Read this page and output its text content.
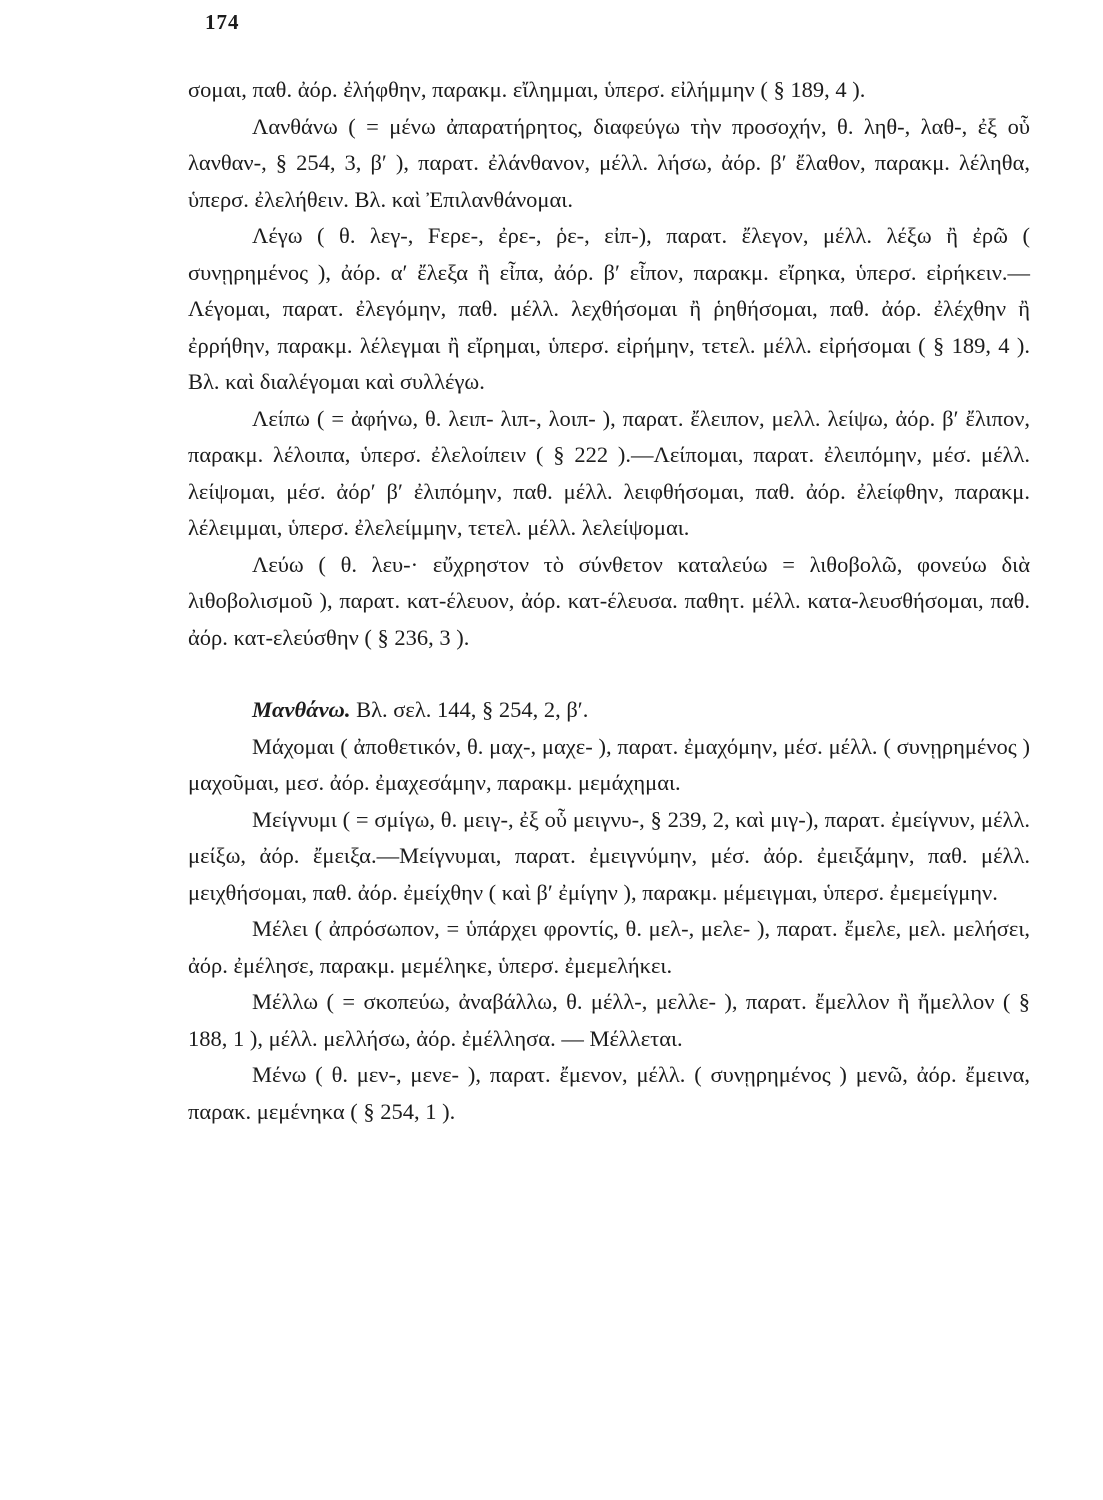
174

σομαι, παθ. ἀόρ. ἐλήφθην, παρακμ. εἴλημμαι, ὑπερσ. εἰλήμμην ( § 189, 4 ).

Λανθάνω ( = μένω ἀπαρατήρητος, διαφεύγω τὴν προσοχήν, θ. ληθ-, λαθ-, ἐξ οὗ λανθαν-, § 254, 3, β′ ), παρατ. ἐλάνθανον, μέλλ. λήσω, ἀόρ. β′ ἔλαθον, παρακμ. λέληθα, ὑπερσ. ἐλελήθειν. Βλ. καὶ Ἐπιλανθάνομαι.

Λέγω ( θ. λεγ-, Fερε-, ἐρε-, ῥε-, εἰπ-), παρατ. ἔλεγον, μέλλ. λέξω ἢ ἐρῶ ( συνῃρημένος ), ἀόρ. α′ ἔλεξα ἢ εἶπα, ἀόρ. β′ εἶπον, παρακμ. εἴρηκα, ὑπερσ. εἰρήκειν.—Λέγομαι, παρατ. ἐλεγόμην, παθ. μέλλ. λεχθήσομαι ἢ ῥηθήσομαι, παθ. ἀόρ. ἐλέχθην ἢ ἐρρήθην, παρακμ. λέλεγμαι ἢ εἴρημαι, ὑπερσ. εἰρήμην, τετελ. μέλλ. εἰρήσομαι ( § 189, 4 ). Βλ. καὶ διαλέγομαι καὶ συλλέγω.

Λείπω ( = ἀφήνω, θ. λειπ- λιπ-, λοιπ- ), παρατ. ἔλειπον, μελλ. λείψω, ἀόρ. β′ ἔλιπον, παρακμ. λέλοιπα, ὑπερσ. ἐλελοίπειν ( § 222 ).—Λείπομαι, παρατ. ἐλειπόμην, μέσ. μέλλ. λείψομαι, μέσ. ἀόρ′ β′ ἐλιπόμην, παθ. μέλλ. λειφθήσομαι, παθ. ἀόρ. ἐλείφθην, παρακμ. λέλειμμαι, ὑπερσ. ἐλελείμμην, τετελ. μέλλ. λελείψομαι.

Λεύω ( θ. λευ-· εὔχρηστον τὸ σύνθετον καταλεύω = λιθοβολῶ, φονεύω διὰ λιθοβολισμοῦ ), παρατ. κατ-έλευον, ἀόρ. κατ-έλευσα. παθητ. μέλλ. κατα-λευσθήσομαι, παθ. ἀόρ. κατ-ελεύσθην ( § 236, 3 ).

Μανθάνω. Βλ. σελ. 144, § 254, 2, β′.

Μάχομαι ( ἀποθετικόν, θ. μαχ-, μαχε- ), παρατ. ἐμαχόμην, μέσ. μέλλ. ( συνῃρημένος ) μαχοῦμαι, μεσ. ἀόρ. ἐμαχεσάμην, παρακμ. μεμάχημαι.

Μείγνυμι ( = σμίγω, θ. μειγ-, ἐξ οὗ μειγνυ-, § 239, 2, καὶ μιγ-), παρατ. ἐμείγνυν, μέλλ. μείξω, ἀόρ. ἔμειξα.—Μείγνυμαι, παρατ. ἐμειγνύμην, μέσ. ἀόρ. ἐμειξάμην, παθ. μέλλ. μειχθήσομαι, παθ. ἀόρ. ἐμείχθην ( καὶ β′ ἐμίγην ), παρακμ. μέμειγμαι, ὑπερσ. ἐμεμείγμην.

Μέλει ( ἀπρόσωπον, = ὑπάρχει φροντίς, θ. μελ-, μελε- ), παρατ. ἔμελε, μελ. μελήσει, ἀόρ. ἐμέλησε, παρακμ. μεμέληκε, ὑπερσ. ἐμεμελήκει.

Μέλλω ( = σκοπεύω, ἀναβάλλω, θ. μέλλ-, μελλε- ), παρατ. ἔμελλον ἢ ἤμελλον ( § 188, 1 ), μέλλ. μελλήσω, ἀόρ. ἐμέλλησα. — Μέλλεται.

Μένω ( θ. μεν-, μενε- ), παρατ. ἔμενον, μέλλ. ( συνῃρημένος ) μενῶ, ἀόρ. ἔμεινα, παρακ. μεμένηκα ( § 254, 1 ).
